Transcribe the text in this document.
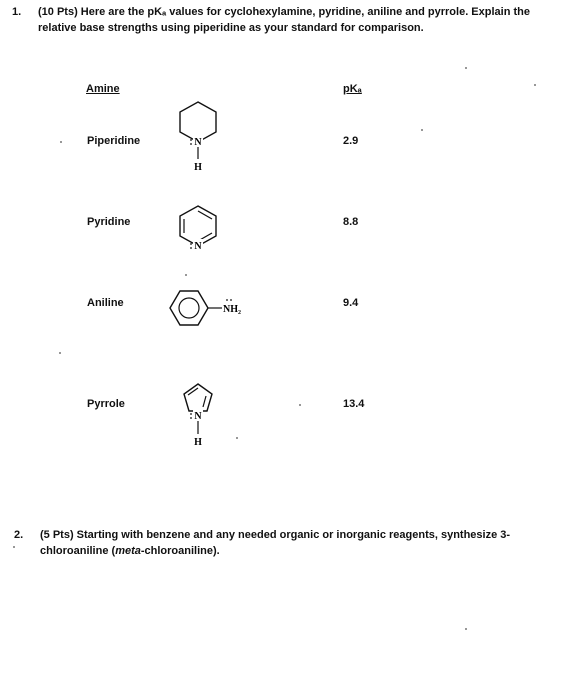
1. (10 Pts) Here are the pKₐ values for cyclohexylamine, pyridine, aniline and pyrrole. Explain the
relative base strengths using piperidine as your standard for comparison.
Amine	pKₐ
Piperidine	2.9
N
H
Pyridine	8.8
N
Aniline	9.4
NH₂
Pyrrole	13.4
N
H
2. (5 Pts) Starting with benzene and any needed organic or inorganic reagents, synthesize 3-
chloroaniline (meta-chloroaniline).
